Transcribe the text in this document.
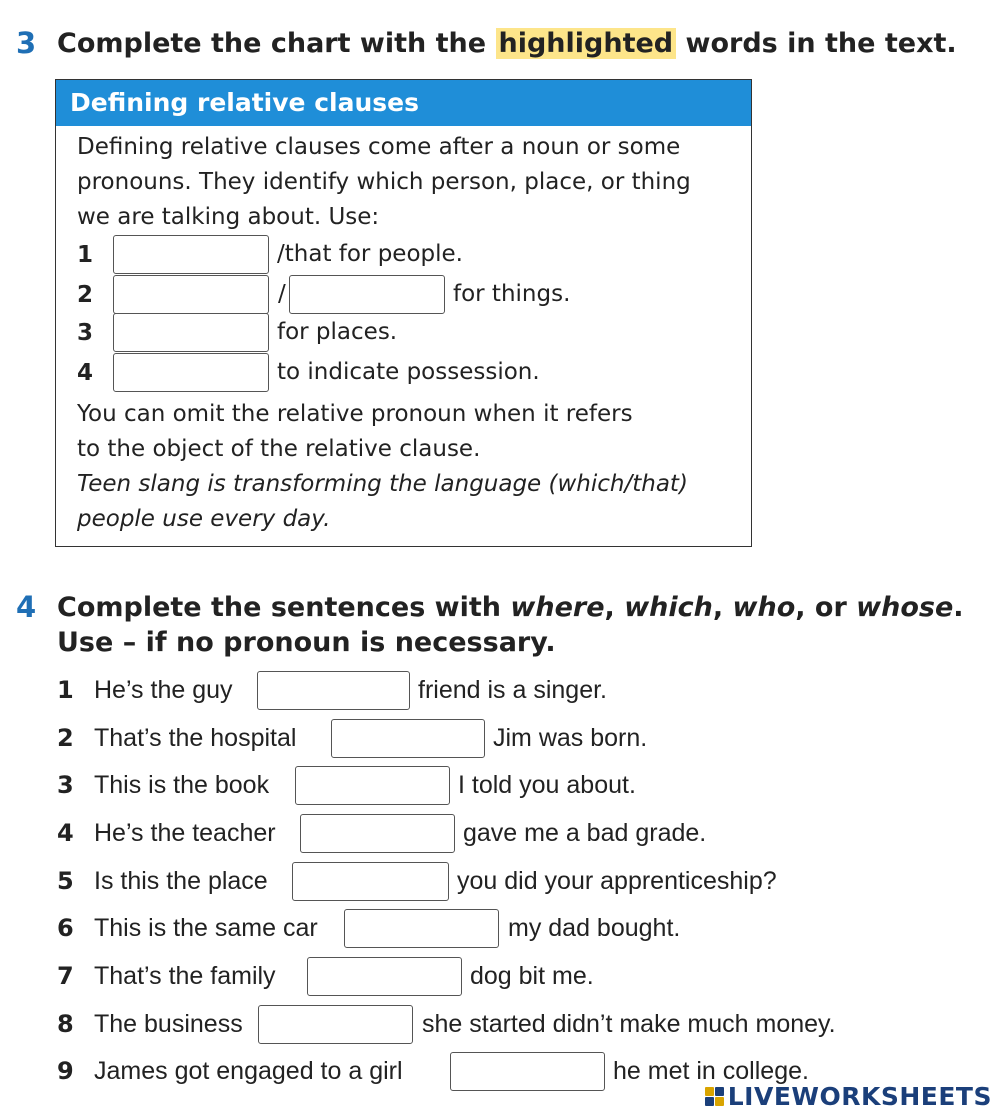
3 Complete the chart with the highlighted words in the text.
Defining relative clauses
Defining relative clauses come after a noun or some
pronouns. They identify which person, place, or thing
we are talking about. Use:
1	/that for people.
2	/	for things.
3	for places.
4	to indicate possession.
You can omit the relative pronoun when it refers
to the object of the relative clause.
Teen slang is transforming the language (which/that)
people use every day.
4 Complete the sentences with where, which, who, or whose.
Use – if no pronoun is necessary.
1 He’s the guy	friend is a singer.
2 That’s the hospital	Jim was born.
3 This is the book	I told you about.
4 He’s the teacher	gave me a bad grade.
5 Is this the place	you did your apprenticeship?
6 This is the same car	my dad bought.
7 That’s the family	dog bit me.
8 The business	she started didn’t make much money.
9 James got engaged to a girl	he met in college.
LIVEWORKSHEETS
